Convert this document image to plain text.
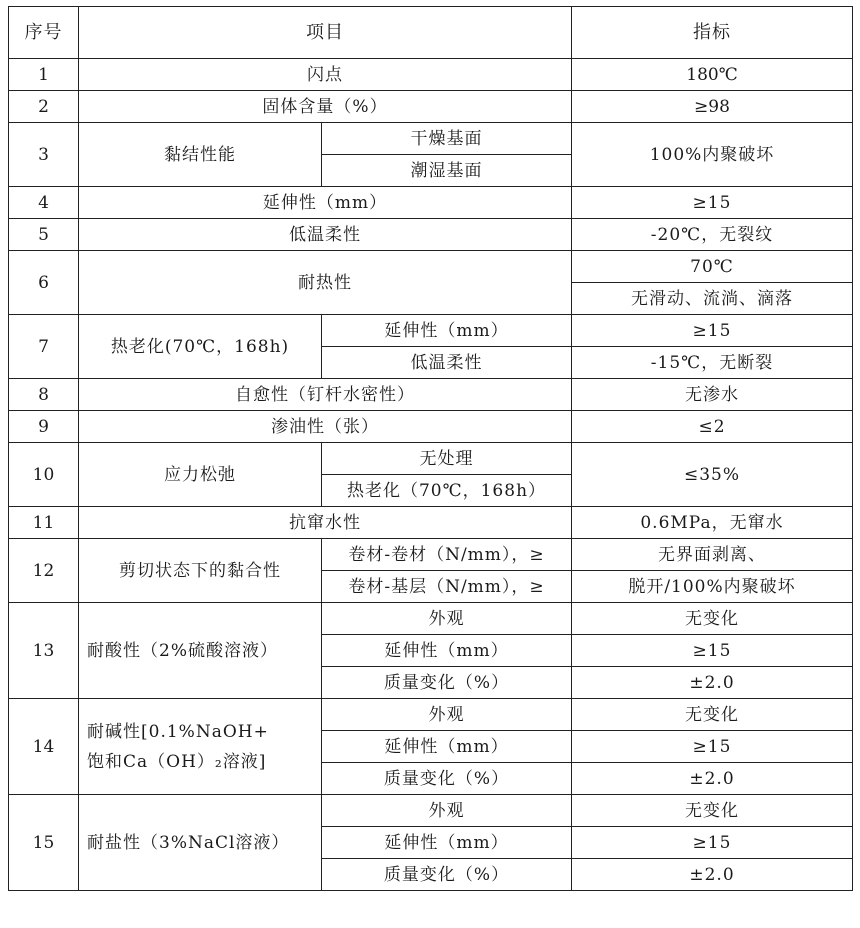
序号	项目		指标
1	闪点		180℃
2	固体含量（%）		≥98
3	黏结性能	干燥基面	100%内聚破坏
		潮湿基面	
4	延伸性（mm）		≥15
5	低温柔性		-20℃，无裂纹
6	耐热性		70℃
			无滑动、流淌、滴落
7	热老化(70℃，168h)	延伸性（mm）	≥15
		低温柔性	-15℃，无断裂
8	自愈性（钉杆水密性）		无渗水
9	渗油性（张）		≤2
10	应力松弛	无处理	≤35%
		热老化（70℃，168h）	
11	抗窜水性		0.6MPa，无窜水
12	剪切状态下的黏合性	卷材-卷材（N/mm），≥	无界面剥离、
		卷材-基层（N/mm），≥	脱开/100%内聚破坏
13	耐酸性（2%硫酸溶液）	外观	无变化
		延伸性（mm）	≥15
		质量变化（%）	±2.0
14	耐碱性[0.1%NaOH+
饱和Ca（OH）₂溶液]	外观	无变化
		延伸性（mm）	≥15
		质量变化（%）	±2.0
15	耐盐性（3%NaCl溶液）	外观	无变化
		延伸性（mm）	≥15
		质量变化（%）	±2.0
